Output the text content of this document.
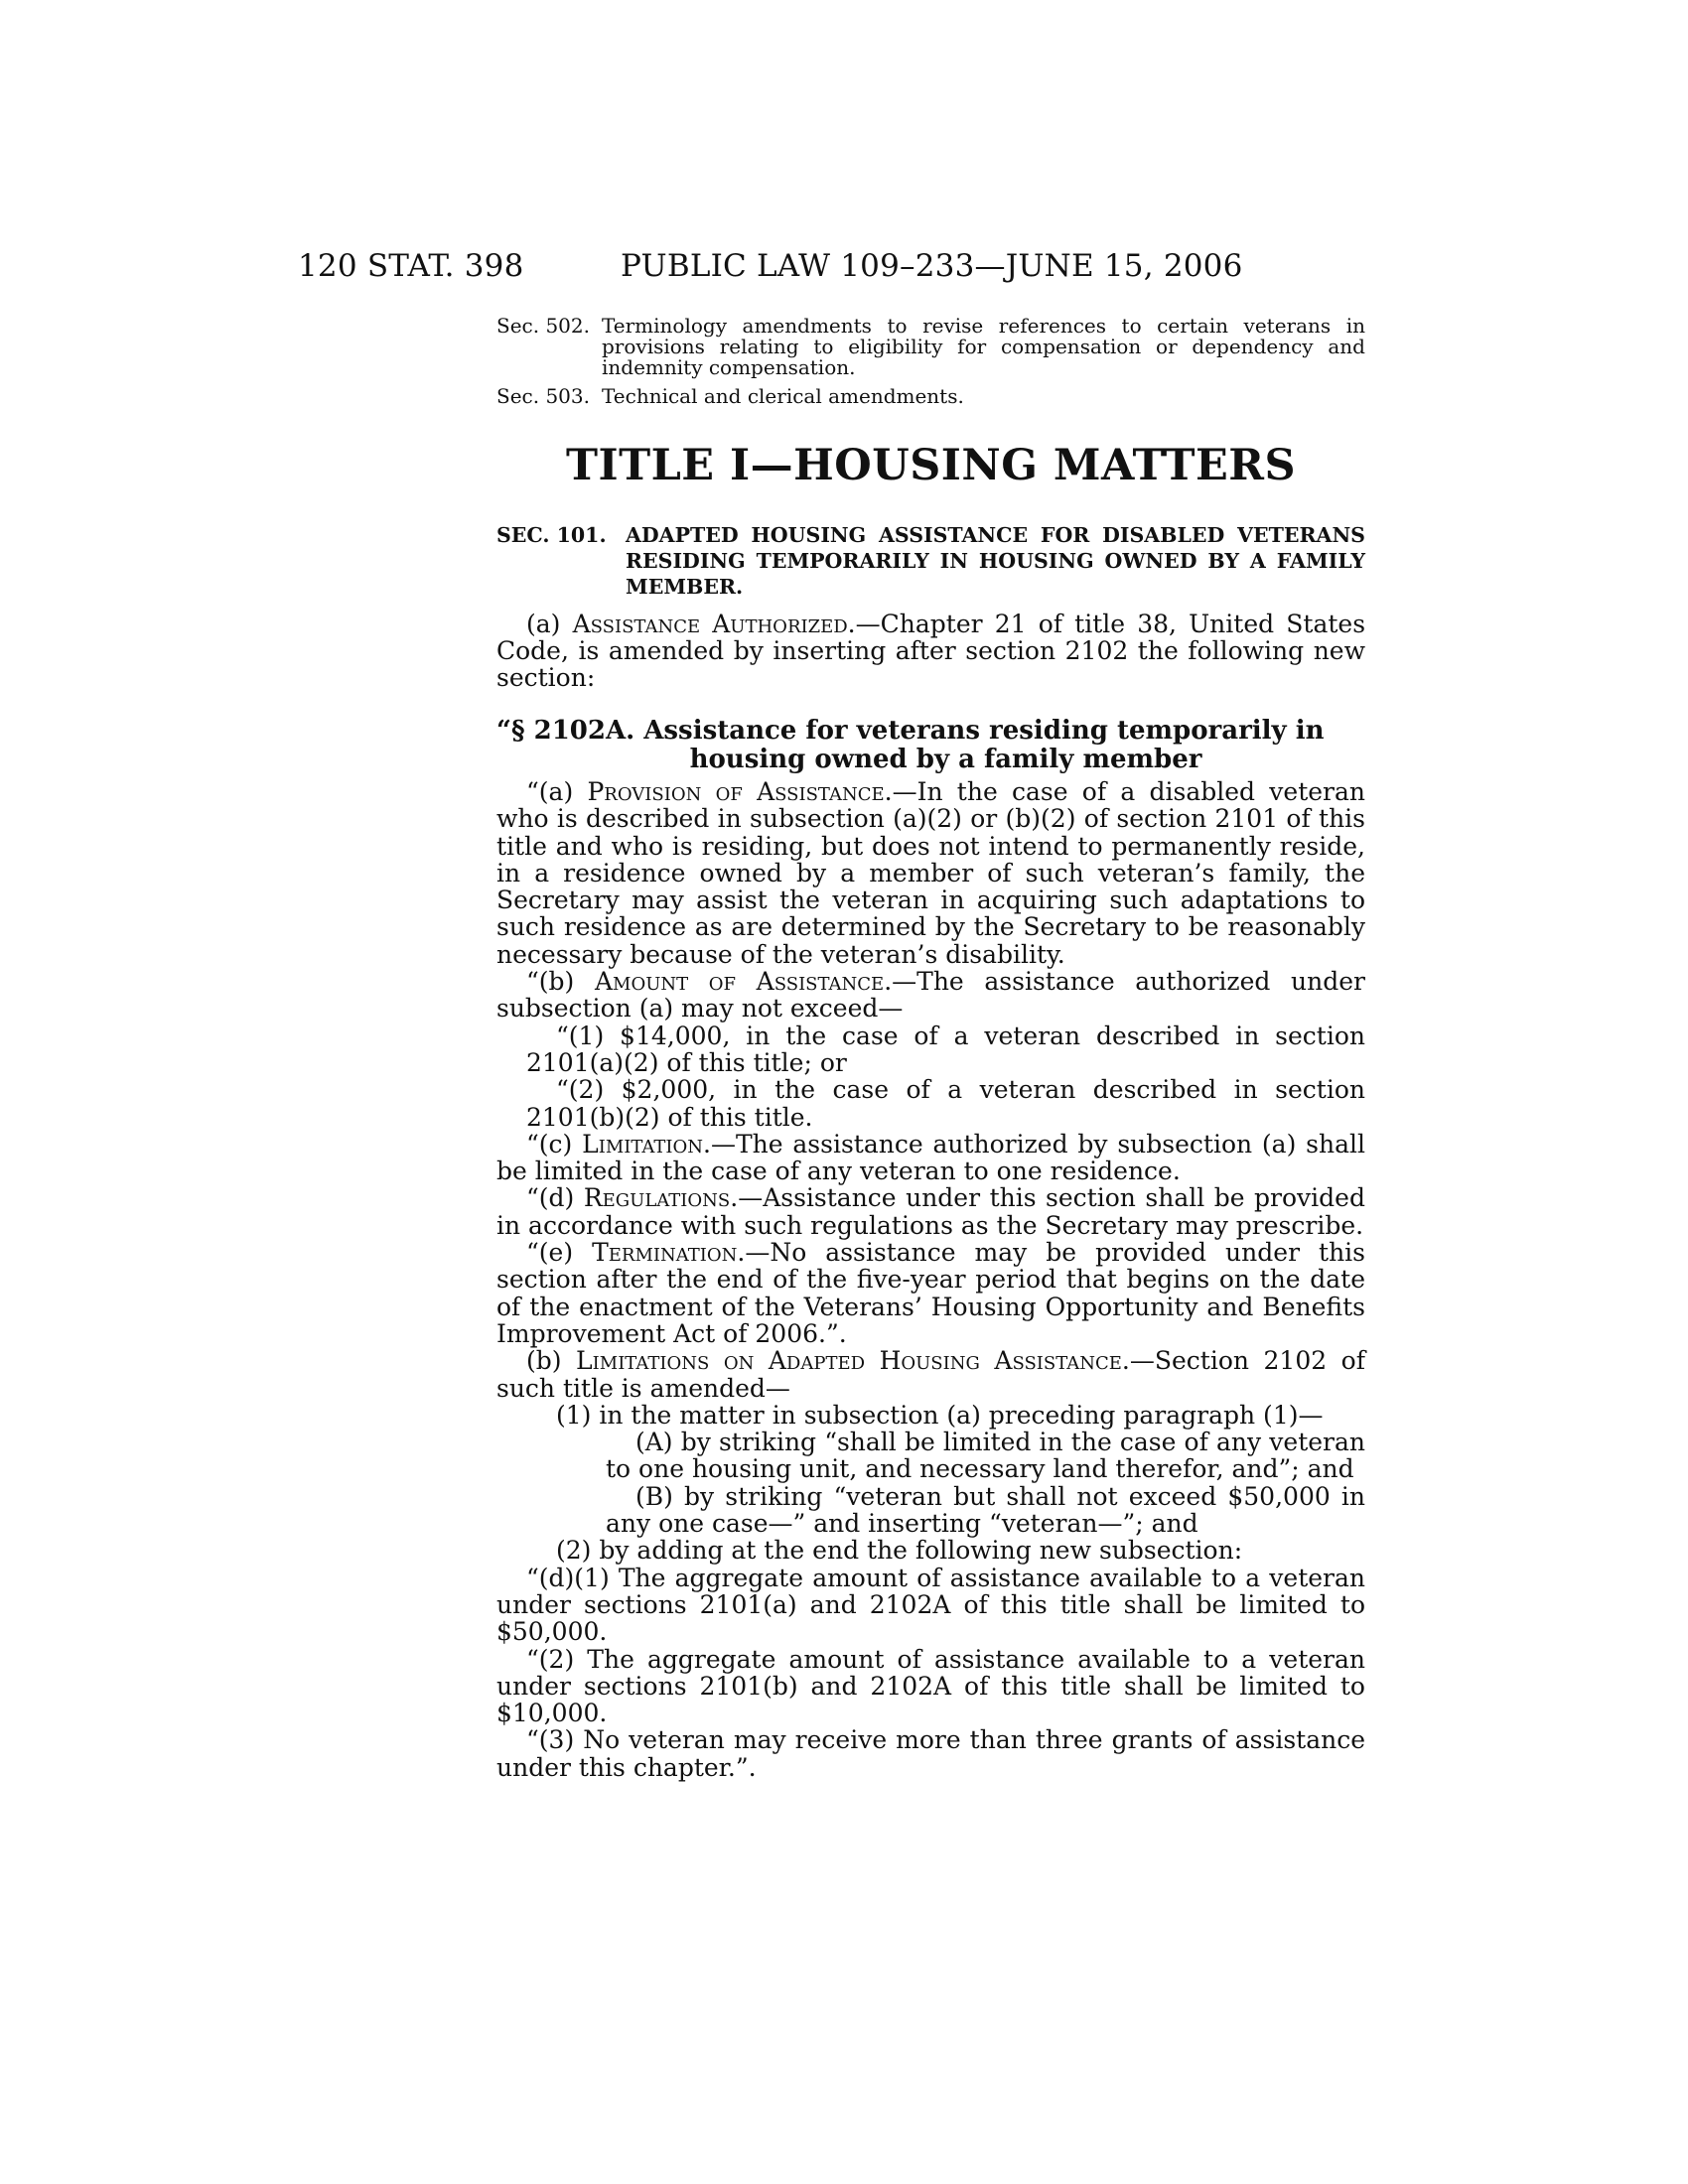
120 STAT. 398	PUBLIC LAW 109–233—JUNE 15, 2006
Sec. 502. Terminology amendments to revise references to certain veterans in provisions relating to eligibility for compensation or dependency and indemnity compensation.
Sec. 503. Technical and clerical amendments.
TITLE I—HOUSING MATTERS
SEC. 101. ADAPTED HOUSING ASSISTANCE FOR DISABLED VETERANS RESIDING TEMPORARILY IN HOUSING OWNED BY A FAMILY MEMBER.
(a) Assistance Authorized.—Chapter 21 of title 38, United States Code, is amended by inserting after section 2102 the following new section:
“§ 2102A. Assistance for veterans residing temporarily in
housing owned by a family member

“(a) Provision of Assistance.—In the case of a disabled veteran who is described in subsection (a)(2) or (b)(2) of section 2101 of this title and who is residing, but does not intend to permanently reside, in a residence owned by a member of such veteran’s family, the Secretary may assist the veteran in acquiring such adaptations to such residence as are determined by the Secretary to be reasonably necessary because of the veteran’s disability.

“(b) Amount of Assistance.—The assistance authorized under subsection (a) may not exceed—

“(1) $14,000, in the case of a veteran described in section 2101(a)(2) of this title; or

“(2) $2,000, in the case of a veteran described in section 2101(b)(2) of this title.

“(c) Limitation.—The assistance authorized by subsection (a) shall be limited in the case of any veteran to one residence.

“(d) Regulations.—Assistance under this section shall be provided in accordance with such regulations as the Secretary may prescribe.

“(e) Termination.—No assistance may be provided under this section after the end of the five-year period that begins on the date of the enactment of the Veterans’ Housing Opportunity and Benefits Improvement Act of 2006.”.

(b) Limitations on Adapted Housing Assistance.—Section 2102 of such title is amended—

(1) in the matter in subsection (a) preceding paragraph (1)—

(A) by striking “shall be limited in the case of any veteran to one housing unit, and necessary land therefor, and”; and

(B) by striking “veteran but shall not exceed $50,000 in any one case—” and inserting “veteran—”; and

(2) by adding at the end the following new subsection:

“(d)(1) The aggregate amount of assistance available to a veteran under sections 2101(a) and 2102A of this title shall be limited to $50,000.

“(2) The aggregate amount of assistance available to a veteran under sections 2101(b) and 2102A of this title shall be limited to $10,000.

“(3) No veteran may receive more than three grants of assistance under this chapter.”.
